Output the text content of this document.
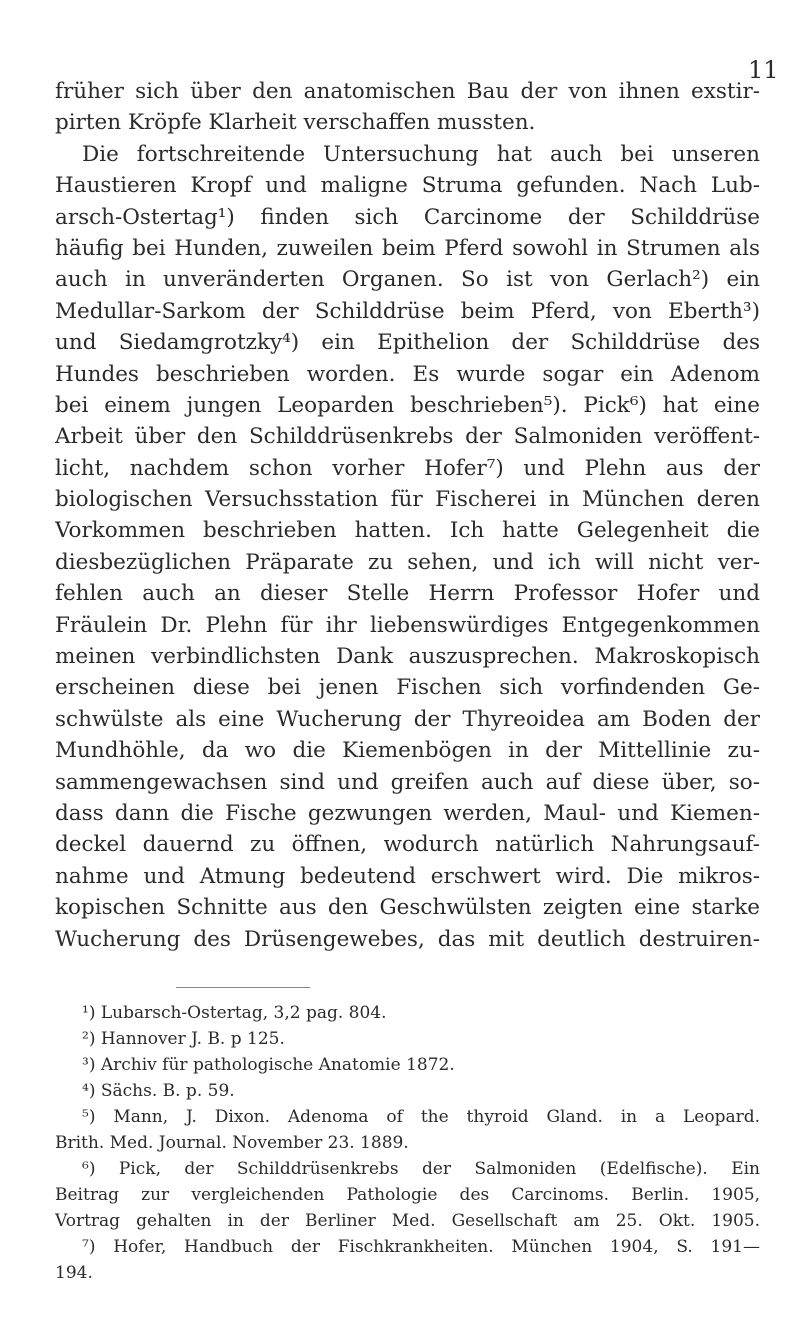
11
früher sich über den anatomischen Bau der von ihnen exstir-
pirten Kröpfe Klarheit verschaffen mussten.
Die fortschreitende Untersuchung hat auch bei unseren
Haustieren Kropf und maligne Struma gefunden. Nach Lub-
arsch-Ostertag¹) finden sich Carcinome der Schilddrüse
häufig bei Hunden, zuweilen beim Pferd sowohl in Strumen als
auch in unveränderten Organen. So ist von Gerlach²) ein
Medullar-Sarkom der Schilddrüse beim Pferd, von Eberth³)
und Siedamgrotzky⁴) ein Epithelion der Schilddrüse des
Hundes beschrieben worden. Es wurde sogar ein Adenom
bei einem jungen Leoparden beschrieben⁵). Pick⁶) hat eine
Arbeit über den Schilddrüsenkrebs der Salmoniden veröffent-
licht, nachdem schon vorher Hofer⁷) und Plehn aus der
biologischen Versuchsstation für Fischerei in München deren
Vorkommen beschrieben hatten. Ich hatte Gelegenheit die
diesbezüglichen Präparate zu sehen, und ich will nicht ver-
fehlen auch an dieser Stelle Herrn Professor Hofer und
Fräulein Dr. Plehn für ihr liebenswürdiges Entgegenkommen
meinen verbindlichsten Dank auszusprechen. Makroskopisch
erscheinen diese bei jenen Fischen sich vorfindenden Ge-
schwülste als eine Wucherung der Thyreoidea am Boden der
Mundhöhle, da wo die Kiemenbögen in der Mittellinie zu-
sammengewachsen sind und greifen auch auf diese über, so-
dass dann die Fische gezwungen werden, Maul- und Kiemen-
deckel dauernd zu öffnen, wodurch natürlich Nahrungsauf-
nahme und Atmung bedeutend erschwert wird. Die mikros-
kopischen Schnitte aus den Geschwülsten zeigten eine starke
Wucherung des Drüsengewebes, das mit deutlich destruiren-
¹) Lubarsch-Ostertag, 3,2 pag. 804.
²) Hannover J. B. p 125.
³) Archiv für pathologische Anatomie 1872.
⁴) Sächs. B. p. 59.
⁵) Mann, J. Dixon. Adenoma of the thyroid Gland. in a Leopard.
Brith. Med. Journal. November 23. 1889.
⁶) Pick, der Schilddrüsenkrebs der Salmoniden (Edelfische). Ein
Beitrag zur vergleichenden Pathologie des Carcinoms. Berlin. 1905,
Vortrag gehalten in der Berliner Med. Gesellschaft am 25. Okt. 1905.
⁷) Hofer, Handbuch der Fischkrankheiten. München 1904, S. 191—
194.
